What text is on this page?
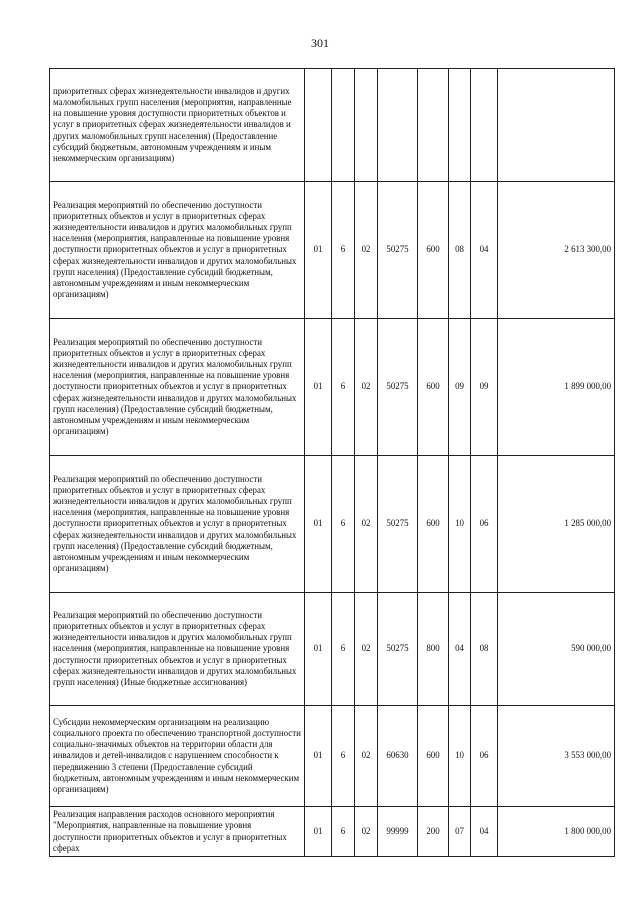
301
приоритетных сферах жизнедеятельности инвалидов и других маломобильных групп населения (мероприятия, направленные на повышение уровня доступности приоритетных объектов и услуг в приоритетных сферах жизнедеятельности инвалидов и других маломобильных групп населения) (Предоставление субсидий бюджетным, автономным учреждениям и иным некоммерческим организациям)								
Реализация мероприятий по обеспечению доступности приоритетных объектов и услуг в приоритетных сферах жизнедеятельности инвалидов и других маломобильных групп населения (мероприятия, направленные на повышение уровня доступности приоритетных объектов и услуг в приоритетных сферах жизнедеятельности инвалидов и других маломобильных групп населения) (Предоставление субсидий бюджетным, автономным учреждениям и иным некоммерческим организациям)	01	6	02	50275	600	08	04	2 613 300,00
Реализация мероприятий по обеспечению доступности приоритетных объектов и услуг в приоритетных сферах жизнедеятельности инвалидов и других маломобильных групп населения (мероприятия, направленные на повышение уровня доступности приоритетных объектов и услуг в приоритетных сферах жизнедеятельности инвалидов и других маломобильных групп населения) (Предоставление субсидий бюджетным, автономным учреждениям и иным некоммерческим организациям)	01	6	02	50275	600	09	09	1 899 000,00
Реализация мероприятий по обеспечению доступности приоритетных объектов и услуг в приоритетных сферах жизнедеятельности инвалидов и других маломобильных групп населения (мероприятия, направленные на повышение уровня доступности приоритетных объектов и услуг в приоритетных сферах жизнедеятельности инвалидов и других маломобильных групп населения) (Предоставление субсидий бюджетным, автономным учреждениям и иным некоммерческим организациям)	01	6	02	50275	600	10	06	1 285 000,00
Реализация мероприятий по обеспечению доступности приоритетных объектов и услуг в приоритетных сферах жизнедеятельности инвалидов и других маломобильных групп населения (мероприятия, направленные на повышение уровня доступности приоритетных объектов и услуг в приоритетных сферах жизнедеятельности инвалидов и других маломобильных групп населения) (Иные бюджетные ассигнования)	01	6	02	50275	800	04	08	590 000,00
Субсидии некоммерческим организациям на реализацию социального проекта по обеспечению транспортной доступности социально-значимых объектов на территории области для инвалидов и детей-инвалидов с нарушением способности к передвижению 3 степени (Предоставление субсидий бюджетным, автономным учреждениям и иным некоммерческим организациям)	01	6	02	60630	600	10	06	3 553 000,00
Реализация направления расходов основного мероприятия "Мероприятия, направленные на повышение уровня доступности приоритетных объектов и услуг в приоритетных сферах	01	6	02	99999	200	07	04	1 800 000,00
